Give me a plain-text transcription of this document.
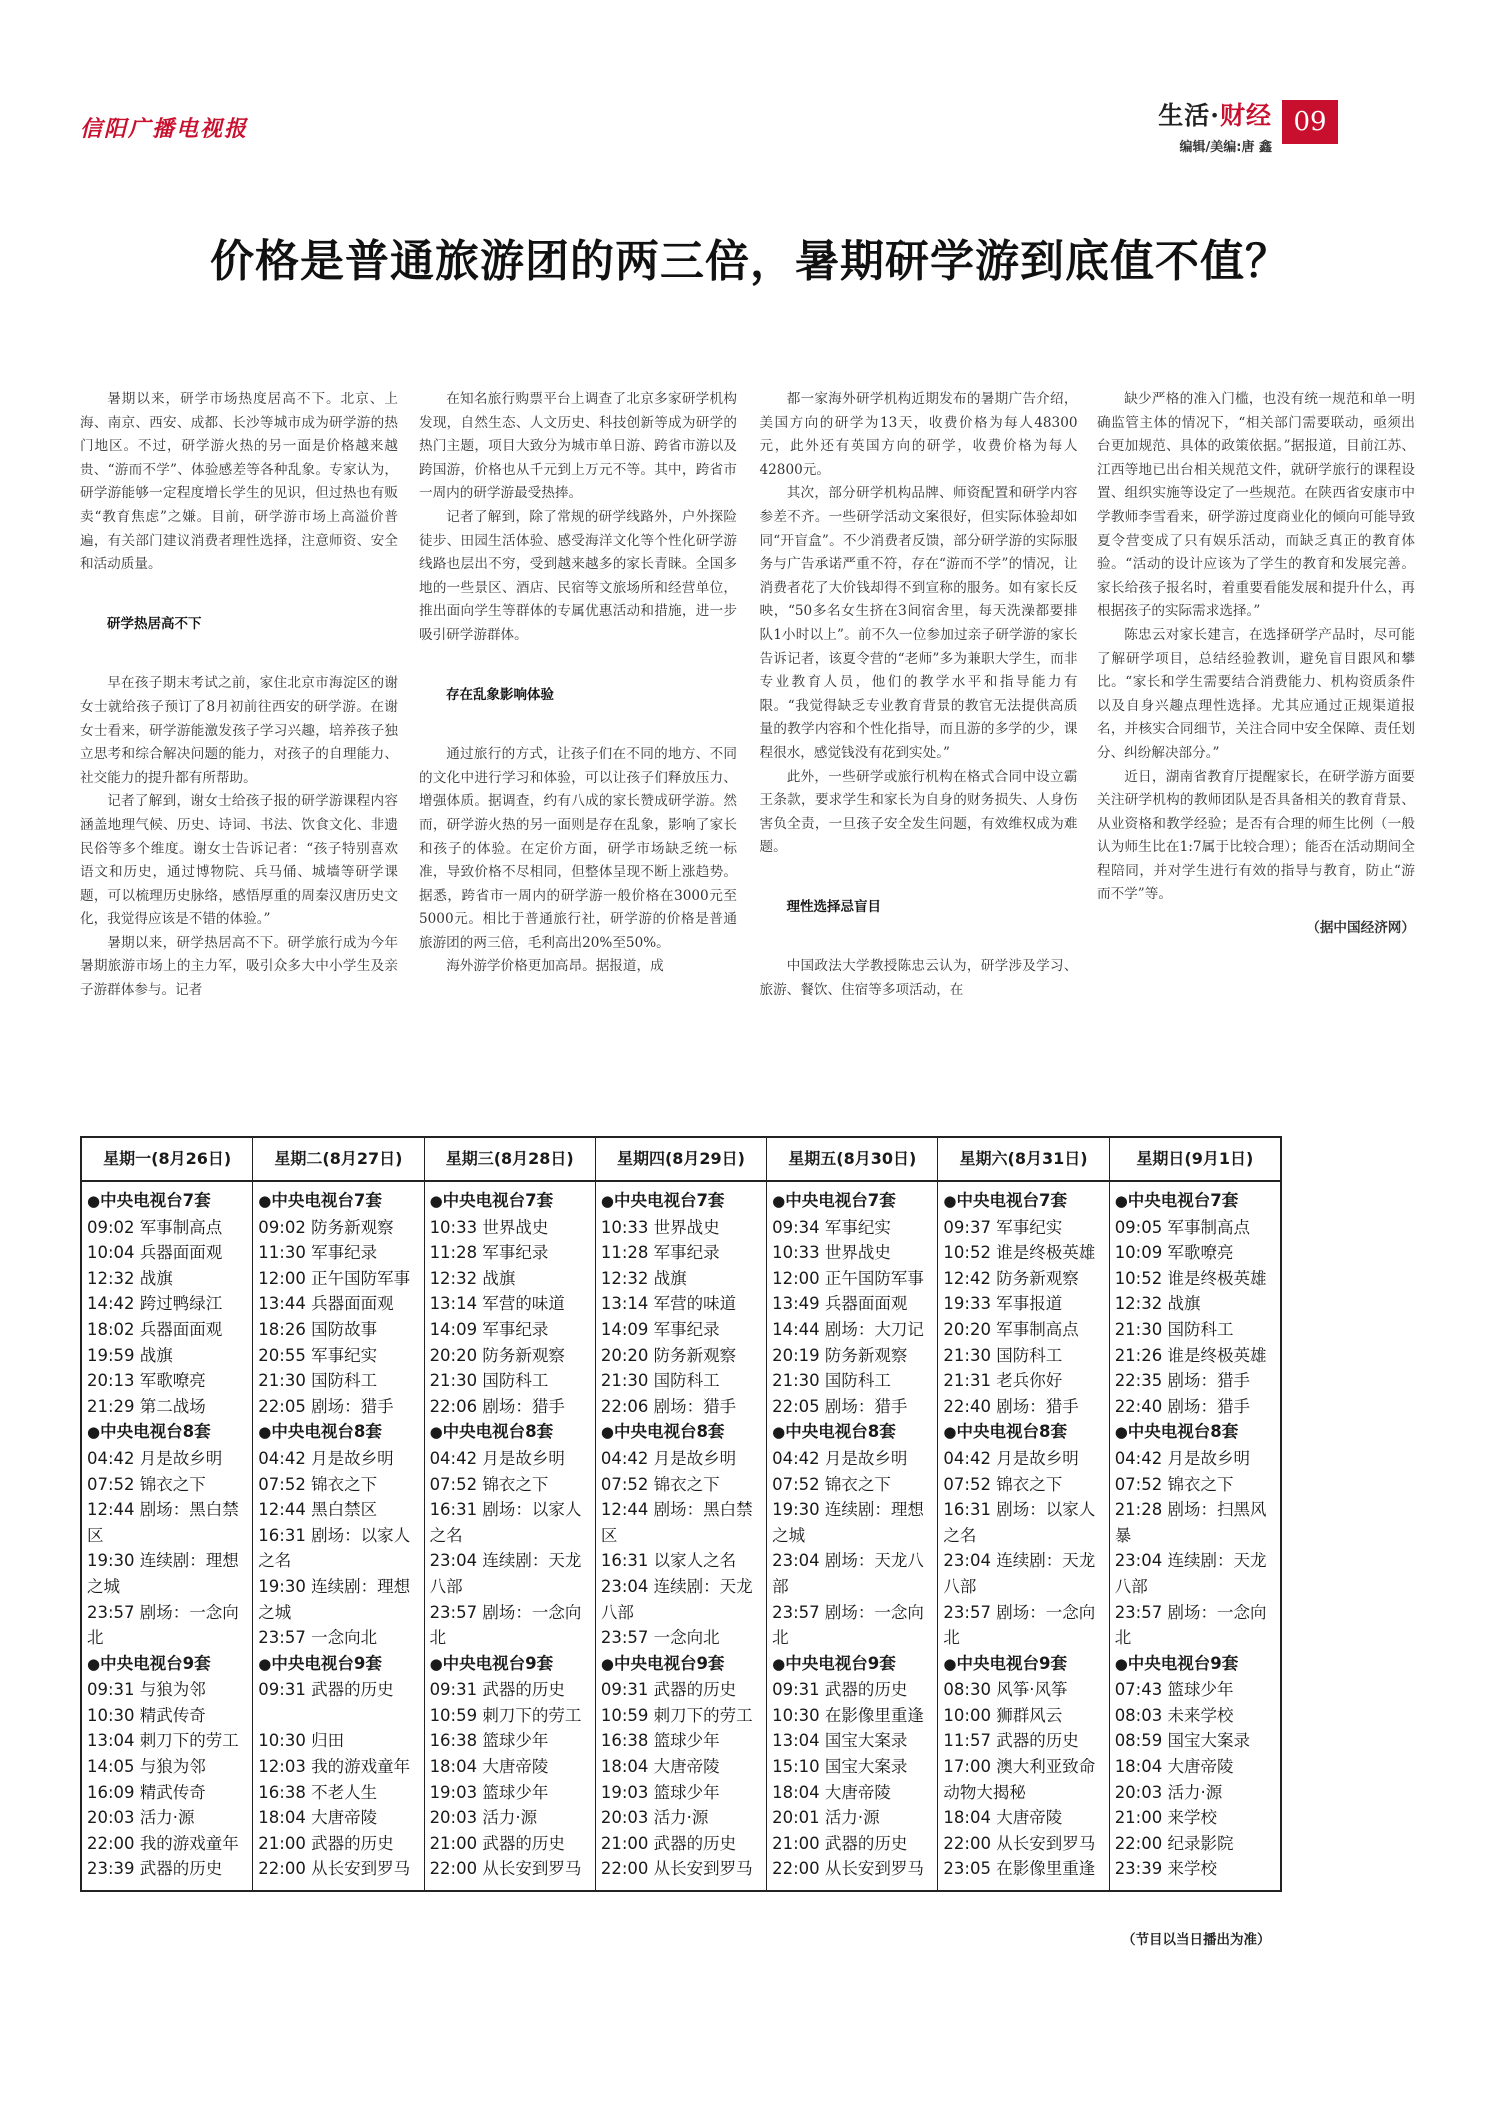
信阳广播电视报	生活·财经
编辑/美编:唐 鑫
09
价格是普通旅游团的两三倍，暑期研学游到底值不值？

暑期以来，研学市场热度居高不下。北京、上海、南京、西安、成都、长沙等城市成为研学游的热门地区。不过，研学游火热的另一面是价格越来越贵、“游而不学”、体验感差等各种乱象。专家认为，研学游能够一定程度增长学生的见识，但过热也有贩卖“教育焦虑”之嫌。目前，研学游市场上高溢价普遍，有关部门建议消费者理性选择，注意师资、安全和活动质量。

研学热居高不下

早在孩子期末考试之前，家住北京市海淀区的谢女士就给孩子预订了8月初前往西安的研学游。在谢女士看来，研学游能激发孩子学习兴趣，培养孩子独立思考和综合解决问题的能力，对孩子的自理能力、社交能力的提升都有所帮助。

记者了解到，谢女士给孩子报的研学游课程内容涵盖地理气候、历史、诗词、书法、饮食文化、非遗民俗等多个维度。谢女士告诉记者：“孩子特别喜欢语文和历史，通过博物院、兵马俑、城墙等研学课题，可以梳理历史脉络，感悟厚重的周秦汉唐历史文化，我觉得应该是不错的体验。”

暑期以来，研学热居高不下。研学旅行成为今年暑期旅游市场上的主力军，吸引众多大中小学生及亲子游群体参与。记者

在知名旅行购票平台上调查了北京多家研学机构发现，自然生态、人文历史、科技创新等成为研学的热门主题，项目大致分为城市单日游、跨省市游以及跨国游，价格也从千元到上万元不等。其中，跨省市一周内的研学游最受热捧。

记者了解到，除了常规的研学线路外，户外探险徒步、田园生活体验、感受海洋文化等个性化研学游线路也层出不穷，受到越来越多的家长青睐。全国多地的一些景区、酒店、民宿等文旅场所和经营单位，推出面向学生等群体的专属优惠活动和措施，进一步吸引研学游群体。

存在乱象影响体验

通过旅行的方式，让孩子们在不同的地方、不同的文化中进行学习和体验，可以让孩子们释放压力、增强体质。据调查，约有八成的家长赞成研学游。然而，研学游火热的另一面则是存在乱象，影响了家长和孩子的体验。在定价方面，研学市场缺乏统一标准，导致价格不尽相同，但整体呈现不断上涨趋势。据悉，跨省市一周内的研学游一般价格在3000元至5000元。相比于普通旅行社，研学游的价格是普通旅游团的两三倍，毛利高出20%至50%。

海外游学价格更加高昂。据报道，成

都一家海外研学机构近期发布的暑期广告介绍，美国方向的研学为13天，收费价格为每人48300元，此外还有英国方向的研学，收费价格为每人42800元。

其次，部分研学机构品牌、师资配置和研学内容参差不齐。一些研学活动文案很好，但实际体验却如同“开盲盒”。不少消费者反馈，部分研学游的实际服务与广告承诺严重不符，存在“游而不学”的情况，让消费者花了大价钱却得不到宣称的服务。如有家长反映，“50多名女生挤在3间宿舍里，每天洗澡都要排队1小时以上”。前不久一位参加过亲子研学游的家长告诉记者，该夏令营的“老师”多为兼职大学生，而非专业教育人员，他们的教学水平和指导能力有限。“我觉得缺乏专业教育背景的教官无法提供高质量的教学内容和个性化指导，而且游的多学的少，课程很水，感觉钱没有花到实处。”

此外，一些研学或旅行机构在格式合同中设立霸王条款，要求学生和家长为自身的财务损失、人身伤害负全责，一旦孩子安全发生问题，有效维权成为难题。

理性选择忌盲目

中国政法大学教授陈忠云认为，研学涉及学习、旅游、餐饮、住宿等多项活动，在

缺少严格的准入门槛，也没有统一规范和单一明确监管主体的情况下，“相关部门需要联动，亟须出台更加规范、具体的政策依据。”据报道，目前江苏、江西等地已出台相关规范文件，就研学旅行的课程设置、组织实施等设定了一些规范。在陕西省安康市中学教师李雪看来，研学游过度商业化的倾向可能导致夏令营变成了只有娱乐活动，而缺乏真正的教育体验。“活动的设计应该为了学生的教育和发展完善。家长给孩子报名时，着重要看能发展和提升什么，再根据孩子的实际需求选择。”

陈忠云对家长建言，在选择研学产品时，尽可能了解研学项目，总结经验教训，避免盲目跟风和攀比。“家长和学生需要结合消费能力、机构资质条件以及自身兴趣点理性选择。尤其应通过正规渠道报名，并核实合同细节，关注合同中安全保障、责任划分、纠纷解决部分。”

近日，湖南省教育厅提醒家长，在研学游方面要关注研学机构的教师团队是否具备相关的教育背景、从业资格和教学经验；是否有合理的师生比例（一般认为师生比在1:7属于比较合理）；能否在活动期间全程陪同，并对学生进行有效的指导与教育，防止“游而不学”等。

（据中国经济网）
星期一(8月26日)
● 中央电视台7套
09:02 军事制高点
10:04 兵器面面观
12:32 战旗
14:42 跨过鸭绿江
18:02 兵器面面观
19:59 战旗
20:13 军歌嘹亮
21:29 第二战场
● 中央电视台8套
04:42 月是故乡明
07:52 锦衣之下
12:44 剧场：黑白禁区
19:30 连续剧：理想之城
23:57 剧场：一念向北
● 中央电视台9套
09:31 与狼为邻
10:30 精武传奇
13:04 刺刀下的劳工
14:05 与狼为邻
16:09 精武传奇
20:03 活力·源
22:00 我的游戏童年
23:39 武器的历史
星期二(8月27日)
● 中央电视台7套
09:02 防务新观察
11:30 军事纪录
12:00 正午国防军事
13:44 兵器面面观
18:26 国防故事
20:55 军事纪实
21:30 国防科工
22:05 剧场：猎手
● 中央电视台8套
04:42 月是故乡明
07:52 锦衣之下
12:44 黑白禁区
16:31 剧场：以家人之名
19:30 连续剧：理想之城
23:57 一念向北
● 中央电视台9套
09:31 武器的历史

10:30 归田
12:03 我的游戏童年
16:38 不老人生
18:04 大唐帝陵
21:00 武器的历史
22:00 从长安到罗马
星期三(8月28日)
● 中央电视台7套
10:33 世界战史
11:28 军事纪录
12:32 战旗
13:14 军营的味道
14:09 军事纪录
20:20 防务新观察
21:30 国防科工
22:06 剧场：猎手
● 中央电视台8套
04:42 月是故乡明
07:52 锦衣之下
16:31 剧场：以家人之名
23:04 连续剧：天龙八部
23:57 剧场：一念向北
● 中央电视台9套
09:31 武器的历史
10:59 刺刀下的劳工
16:38 篮球少年
18:04 大唐帝陵
19:03 篮球少年
20:03 活力·源
21:00 武器的历史
22:00 从长安到罗马
星期四(8月29日)
● 中央电视台7套
10:33 世界战史
11:28 军事纪录
12:32 战旗
13:14 军营的味道
14:09 军事纪录
20:20 防务新观察
21:30 国防科工
22:06 剧场：猎手
● 中央电视台8套
04:42 月是故乡明
07:52 锦衣之下
12:44 剧场：黑白禁区
16:31 以家人之名
23:04 连续剧：天龙八部
23:57 一念向北
● 中央电视台9套
09:31 武器的历史
10:59 刺刀下的劳工
16:38 篮球少年
18:04 大唐帝陵
19:03 篮球少年
20:03 活力·源
21:00 武器的历史
22:00 从长安到罗马
星期五(8月30日)
● 中央电视台7套
09:34 军事纪实
10:33 世界战史
12:00 正午国防军事
13:49 兵器面面观
14:44 剧场：大刀记
20:19 防务新观察
21:30 国防科工
22:05 剧场：猎手
● 中央电视台8套
04:42 月是故乡明
07:52 锦衣之下
19:30 连续剧：理想之城
23:04 剧场：天龙八部
23:57 剧场：一念向北
● 中央电视台9套
09:31 武器的历史
10:30 在影像里重逢
13:04 国宝大案录
15:10 国宝大案录
18:04 大唐帝陵
20:01 活力·源
21:00 武器的历史
22:00 从长安到罗马
星期六(8月31日)
● 中央电视台7套
09:37 军事纪实
10:52 谁是终极英雄
12:42 防务新观察
19:33 军事报道
20:20 军事制高点
21:30 国防科工
21:31 老兵你好
22:40 剧场：猎手
● 中央电视台8套
04:42 月是故乡明
07:52 锦衣之下
16:31 剧场：以家人之名
23:04 连续剧：天龙八部
23:57 剧场：一念向北
● 中央电视台9套
08:30 风筝·风筝
10:00 狮群风云
11:57 武器的历史
17:00 澳大利亚致命动物大揭秘
18:04 大唐帝陵
22:00 从长安到罗马
23:05 在影像里重逢
星期日(9月1日)
● 中央电视台7套
09:05 军事制高点
10:09 军歌嘹亮
10:52 谁是终极英雄
12:32 战旗
21:30 国防科工
21:26 谁是终极英雄
22:35 剧场：猎手
22:40 剧场：猎手
● 中央电视台8套
04:42 月是故乡明
07:52 锦衣之下
21:28 剧场：扫黑风暴
23:04 连续剧：天龙八部
23:57 剧场：一念向北
● 中央电视台9套
07:43 篮球少年
08:03 未来学校
08:59 国宝大案录
18:04 大唐帝陵
20:03 活力·源
21:00 来学校
22:00 纪录影院
23:39 来学校
（节目以当日播出为准）
